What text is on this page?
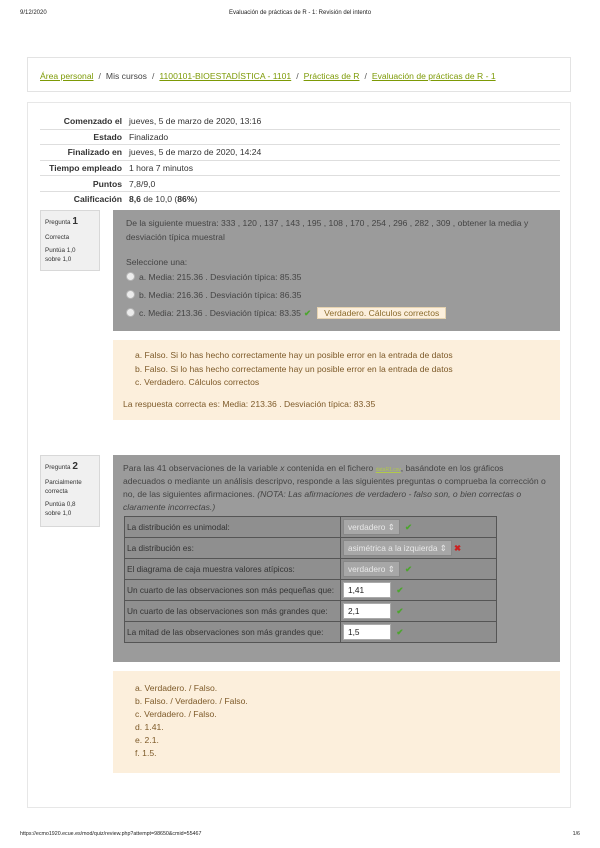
9/12/2020	Evaluación de prácticas de R - 1: Revisión del intento
Área personal / Mis cursos / 1100101-BIOESTADÍSTICA - 1101 / Prácticas de R / Evaluación de prácticas de R - 1
Comenzado el	jueves, 5 de marzo de 2020, 13:16
Estado	Finalizado
Finalizado en	jueves, 5 de marzo de 2020, 14:24
Tiempo empleado	1 hora 7 minutos
Puntos	7,8/9,0
Calificación	8,6 de 10,0 (86%)
Pregunta 1
Correcta
Puntúa 1,0
sobre 1,0
De la siguiente muestra: 333 , 120 , 137 , 143 , 195 , 108 , 170 , 254 , 296 , 282 , 309 , obtener la media y
desviación típica muestral
Seleccione una:
a. Media: 215.36 . Desviación típica: 85.35
b. Media: 216.36 . Desviación típica: 86.35
c. Media: 213.36 . Desviación típica: 83.35 ✔ Verdadero. Cálculos correctos
a. Falso. Si lo has hecho correctamente hay un posible error en la entrada de datos
b. Falso. Si lo has hecho correctamente hay un posible error en la entrada de datos
c. Verdadero. Cálculos correctos
La respuesta correcta es: Media: 213.36 . Desviación típica: 83.35
Pregunta 2
Parcialmente
correcta
Puntúa 0,8
sobre 1,0
Para las 41 observaciones de la variable x contenida en el fichero dataR1.csv, basándote en los gráficos
adecuados o mediante un análisis descripvo, responde a las siguientes preguntas o comprueba la corrección o
no, de las siguientes afirmaciones. (NOTA: Las afirmaciones de verdadero - falso son, o bien correctas o
claramente incorrectas.)
La distribución es unimodal:	verdadero ⇕ ✔
La distribución es:	asimétrica a la izquierda ⇕ ✖
El diagrama de caja muestra valores atípicos:	verdadero ⇕ ✔
Un cuarto de las observaciones son más pequeñas que:	1,41 ✔
Un cuarto de las observaciones son más grandes que:	2,1 ✔
La mitad de las observaciones son más grandes que:	1,5 ✔
a. Verdadero. / Falso.
b. Falso. / Verdadero. / Falso.
c. Verdadero. / Falso.
d. 1.41.
e. 2.1.
f. 1.5.
https://ecmo1920.ecue.es/mod/quiz/review.php?attempt=98650&cmid=55467	1/6
